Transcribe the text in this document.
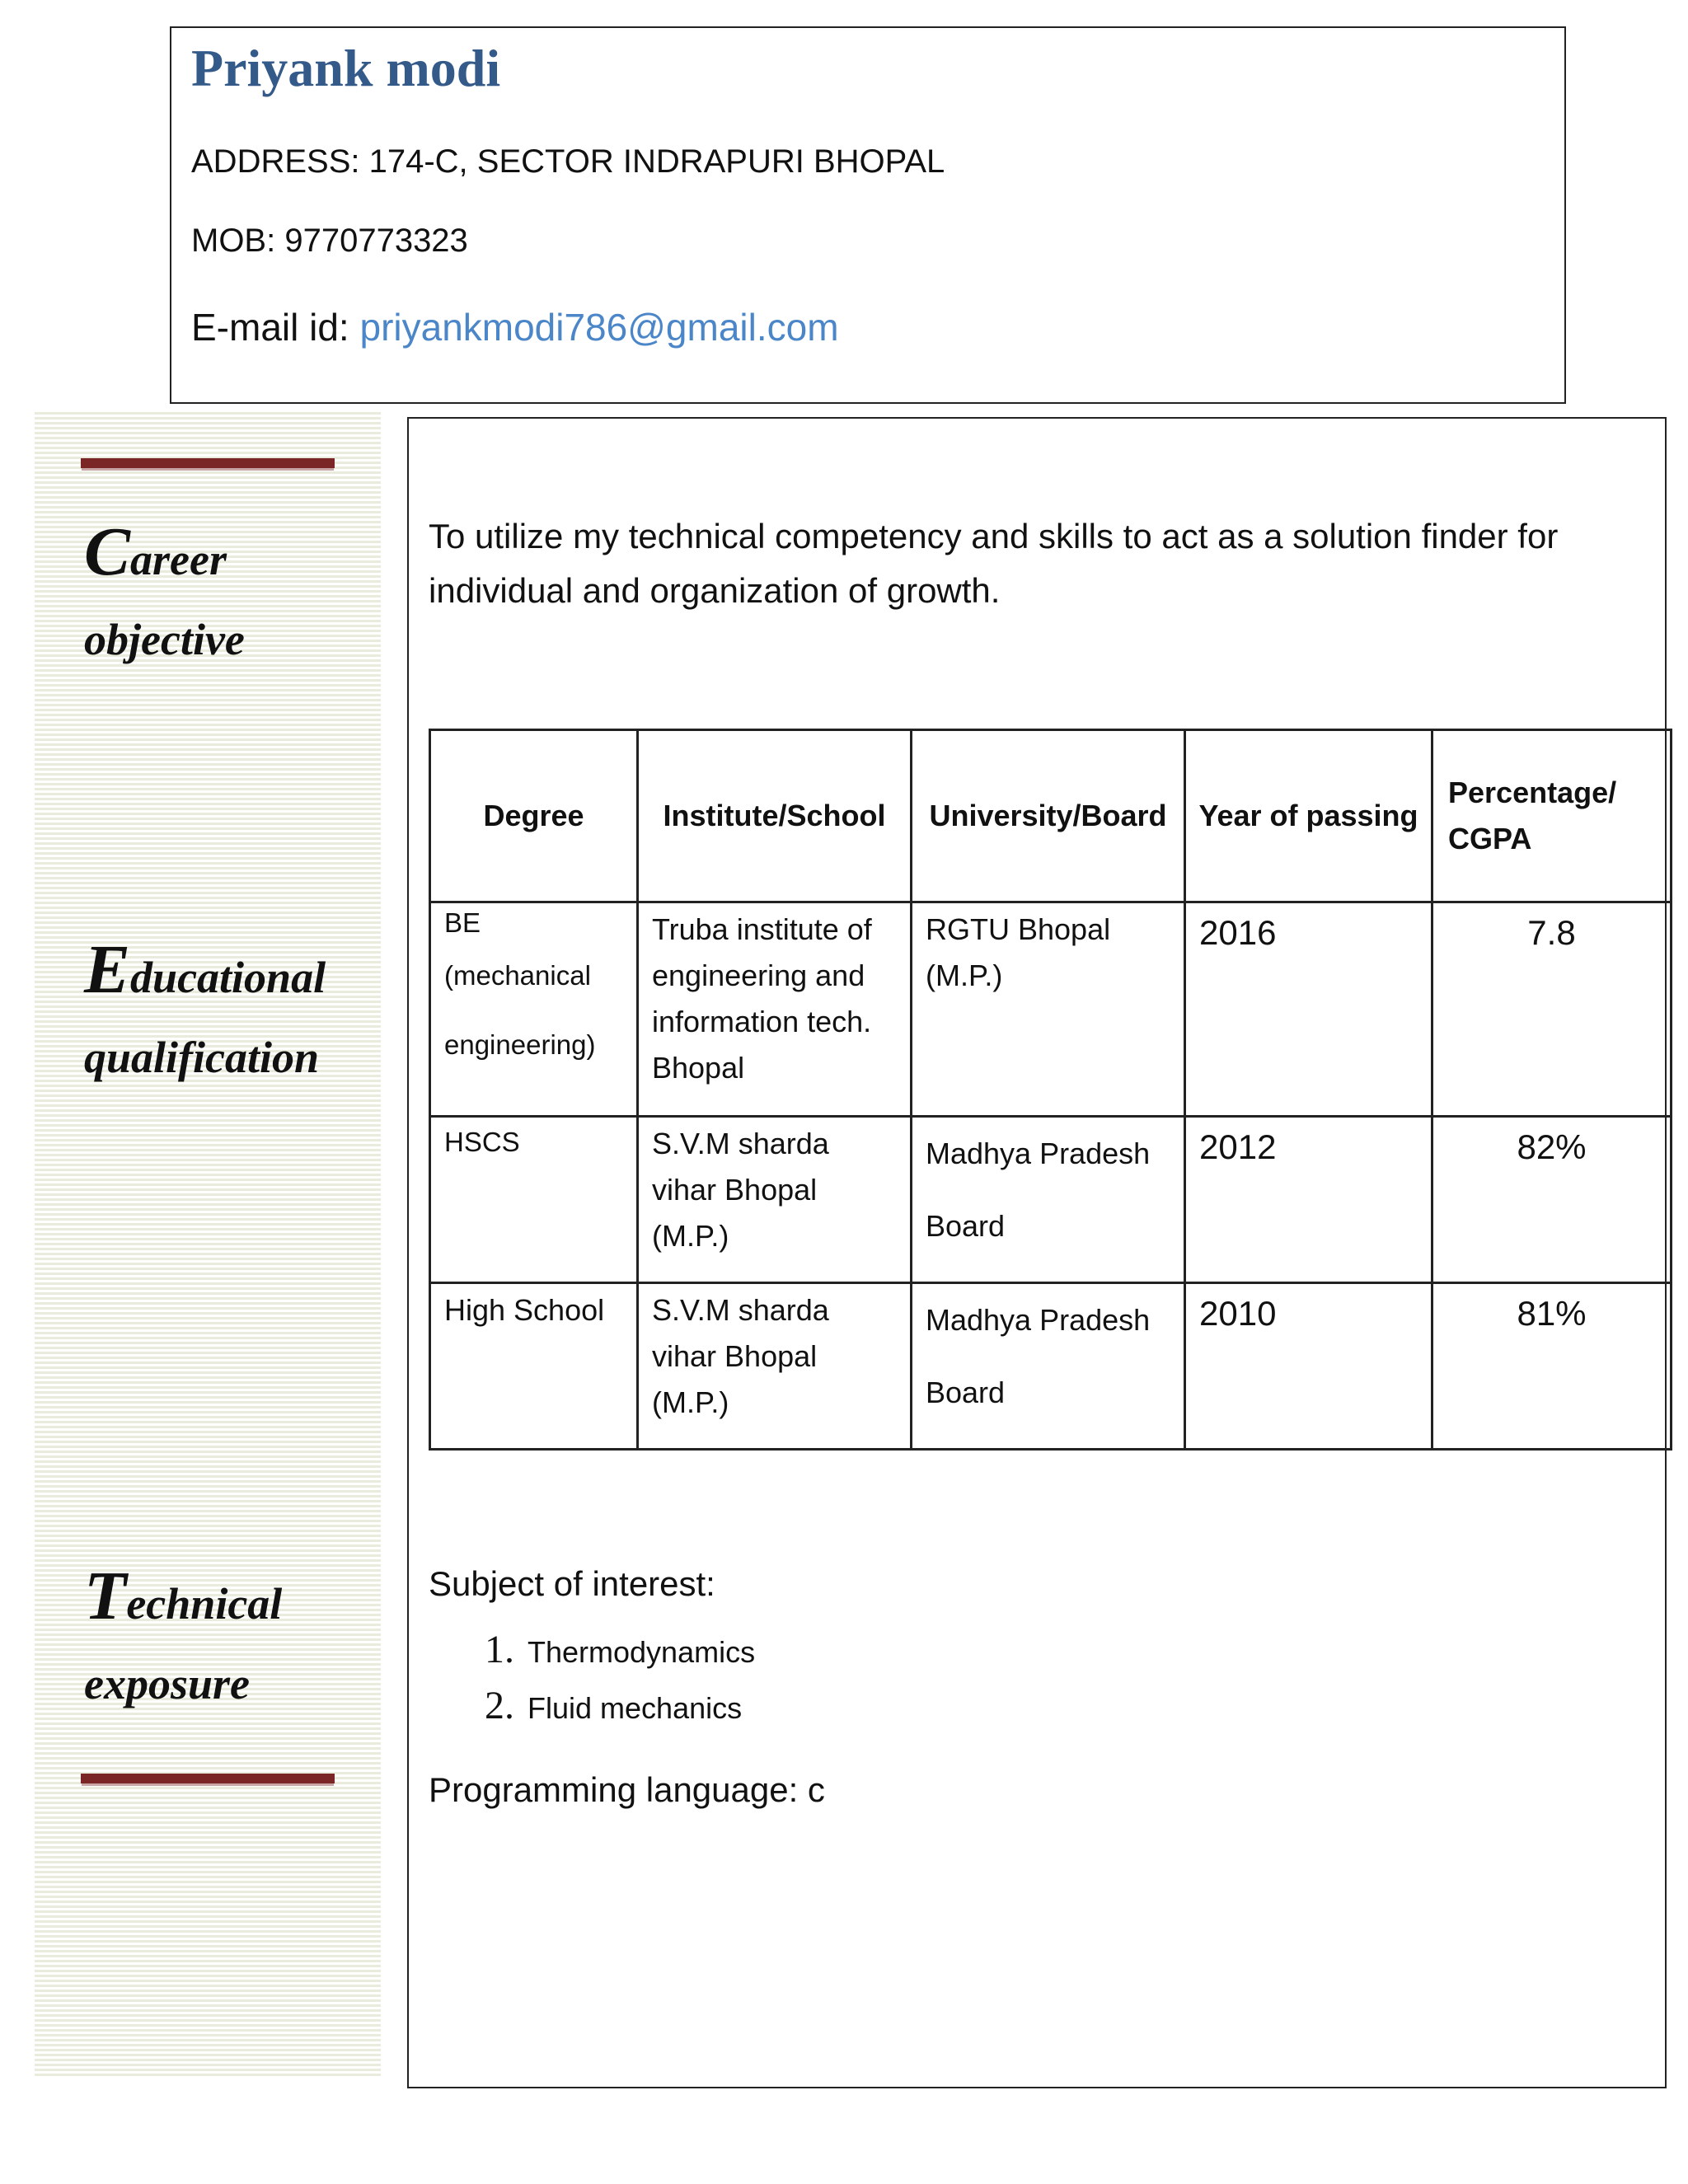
Priyank modi
ADDRESS: 174-C, SECTOR INDRAPURI BHOPAL
MOB: 9770773323
E-mail id: priyankmodi786@gmail.com
Career
objective
Educational
qualification
Technical
exposure

To utilize my technical competency and skills to act as a solution finder for individual and organization of growth.

Degree	Institute/School	University/Board	Year of passing	Percentage/
CGPA

BE
(mechanical
engineering)	Truba institute of engineering and information tech. Bhopal	RGTU Bhopal (M.P.)	2016	7.8
HSCS	S.V.M sharda vihar Bhopal (M.P.)	Madhya Pradesh Board	2012	82%
High School	S.V.M sharda vihar Bhopal (M.P.)	Madhya Pradesh Board	2010	81%

Subject of interest:

1. Thermodynamics
2. Fluid mechanics

Programming language: c
